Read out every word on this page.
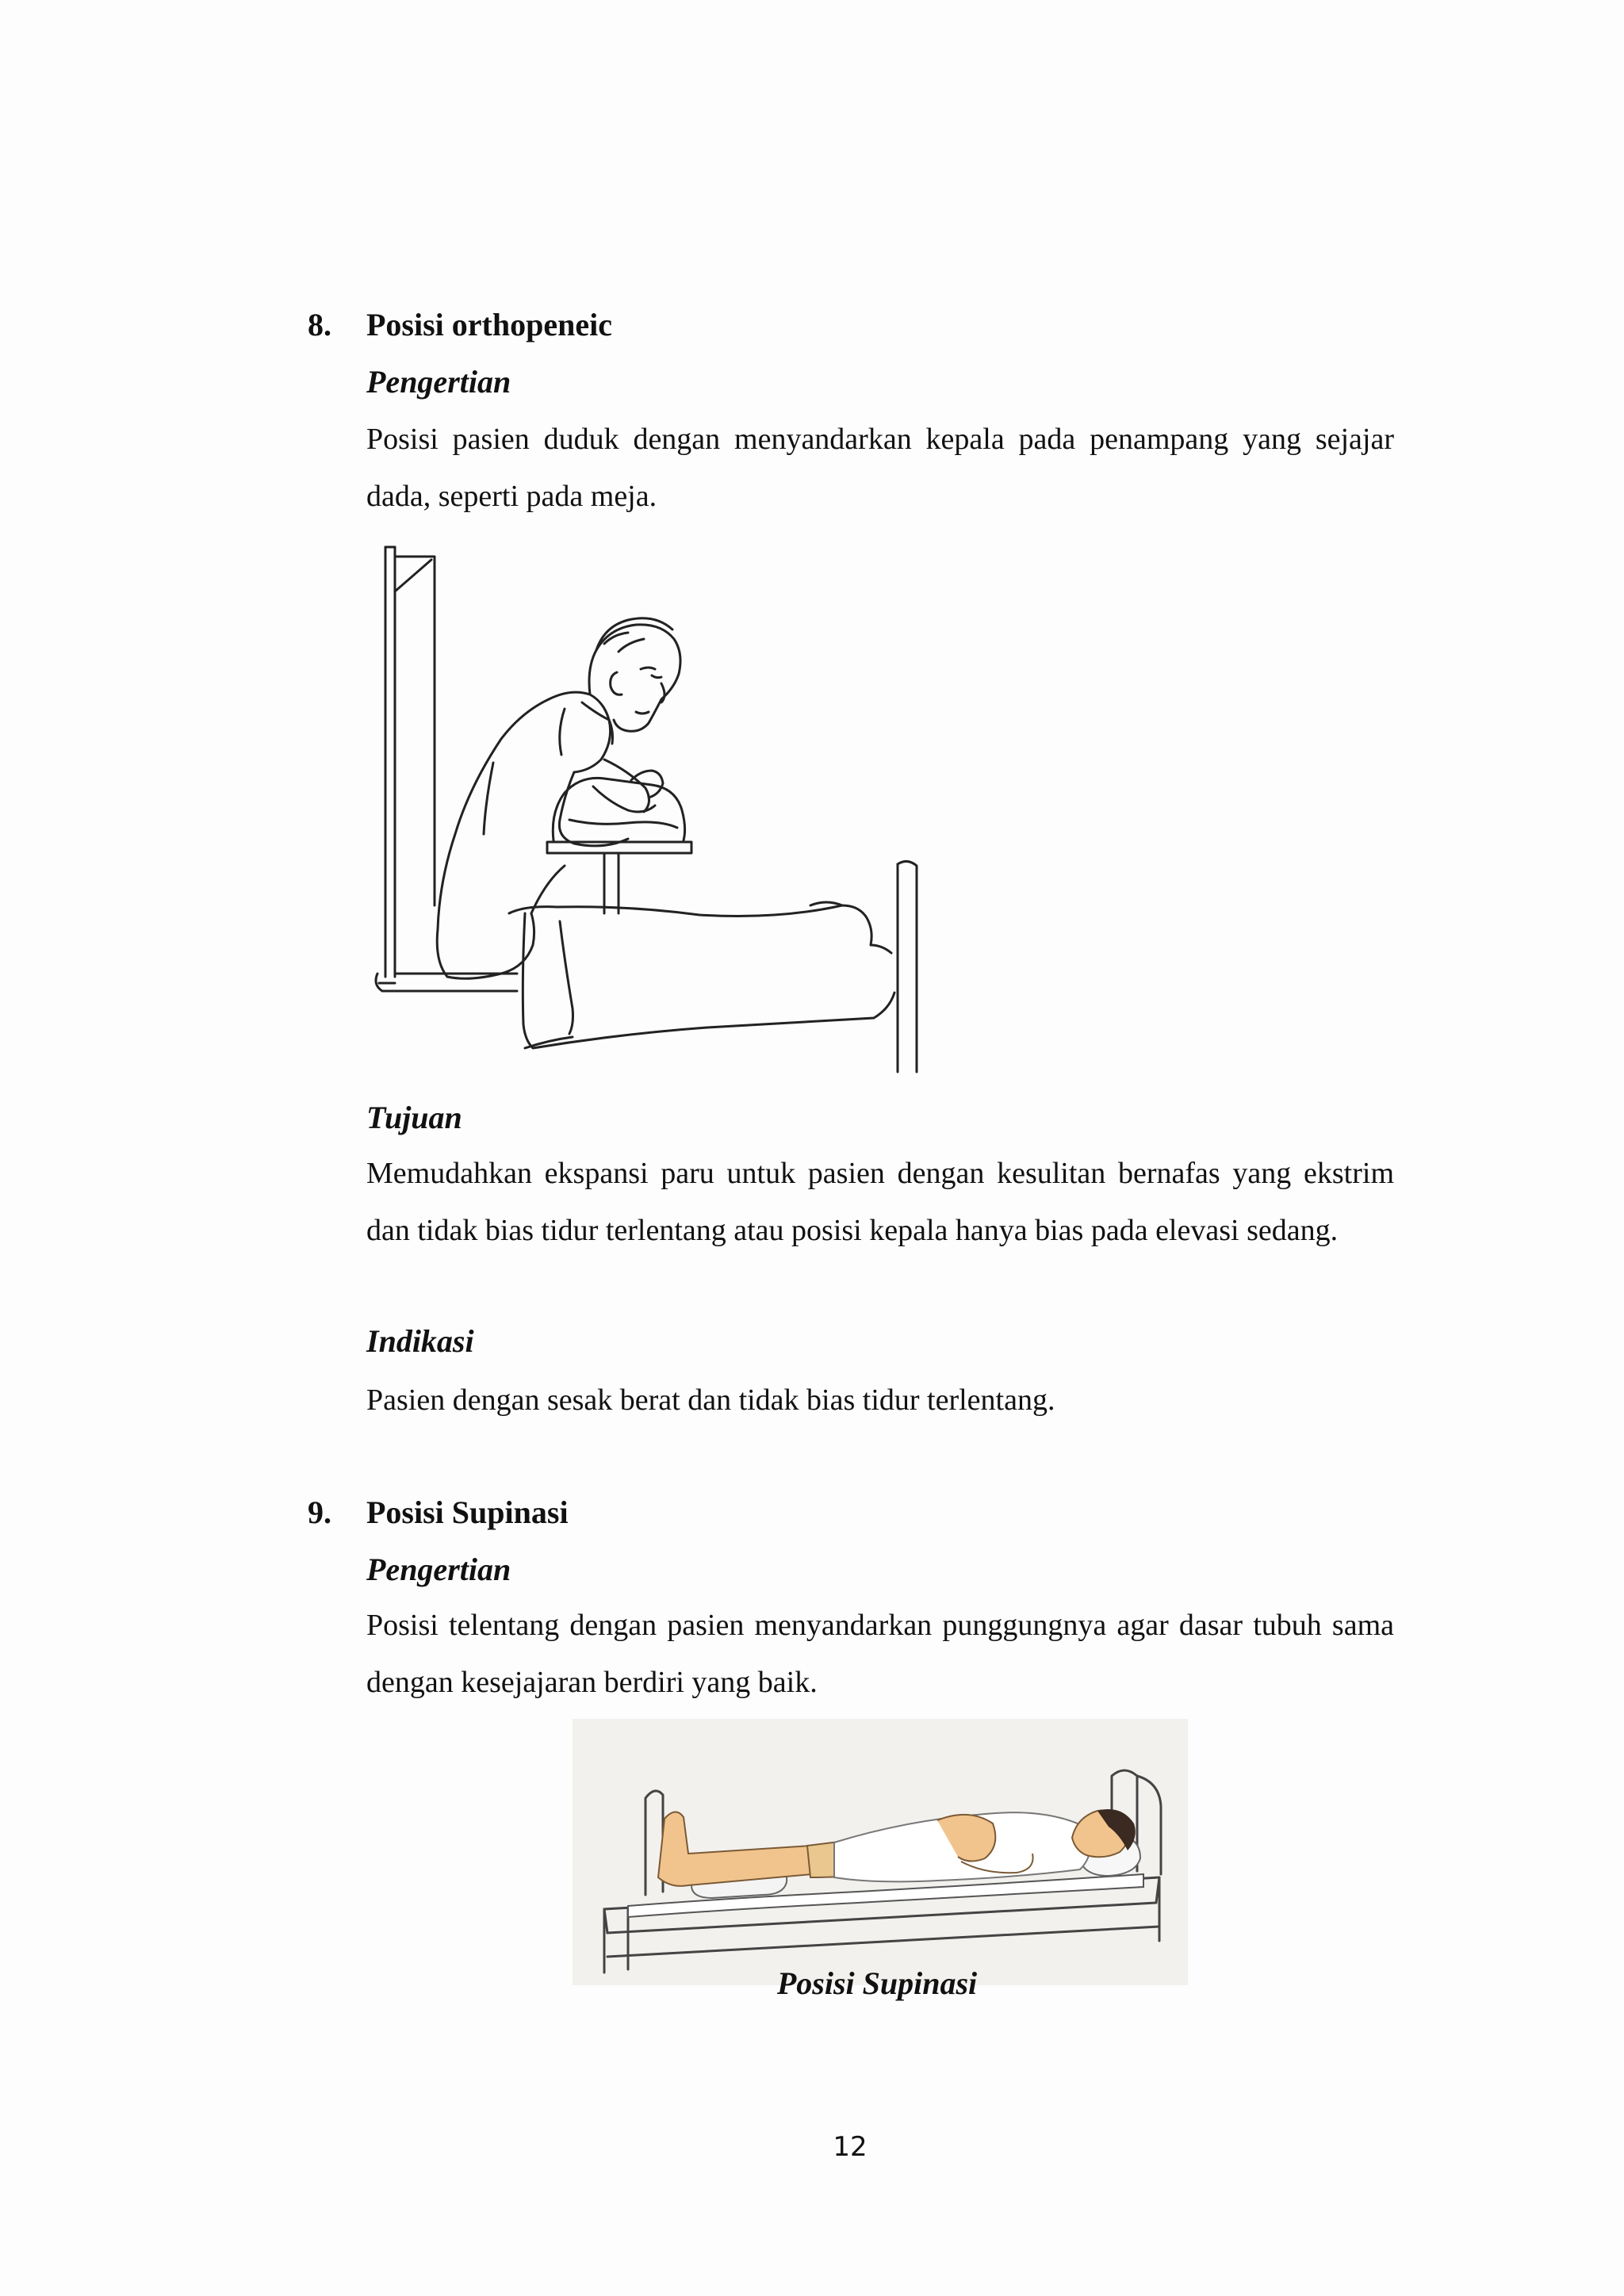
8.	Posisi orthopeneic
Pengertian

Posisi pasien duduk dengan menyandarkan kepala pada penampang yang sejajar dada, seperti pada meja.

Tujuan

Memudahkan ekspansi paru untuk pasien dengan kesulitan bernafas yang ekstrim dan tidak bias tidur terlentang atau posisi kepala hanya bias pada elevasi sedang.

Indikasi

Pasien dengan sesak berat dan tidak bias tidur terlentang.

9.	Posisi Supinasi
Pengertian

Posisi telentang dengan pasien menyandarkan punggungnya agar dasar tubuh sama dengan kesejajaran berdiri yang baik.

Posisi Supinasi
12
